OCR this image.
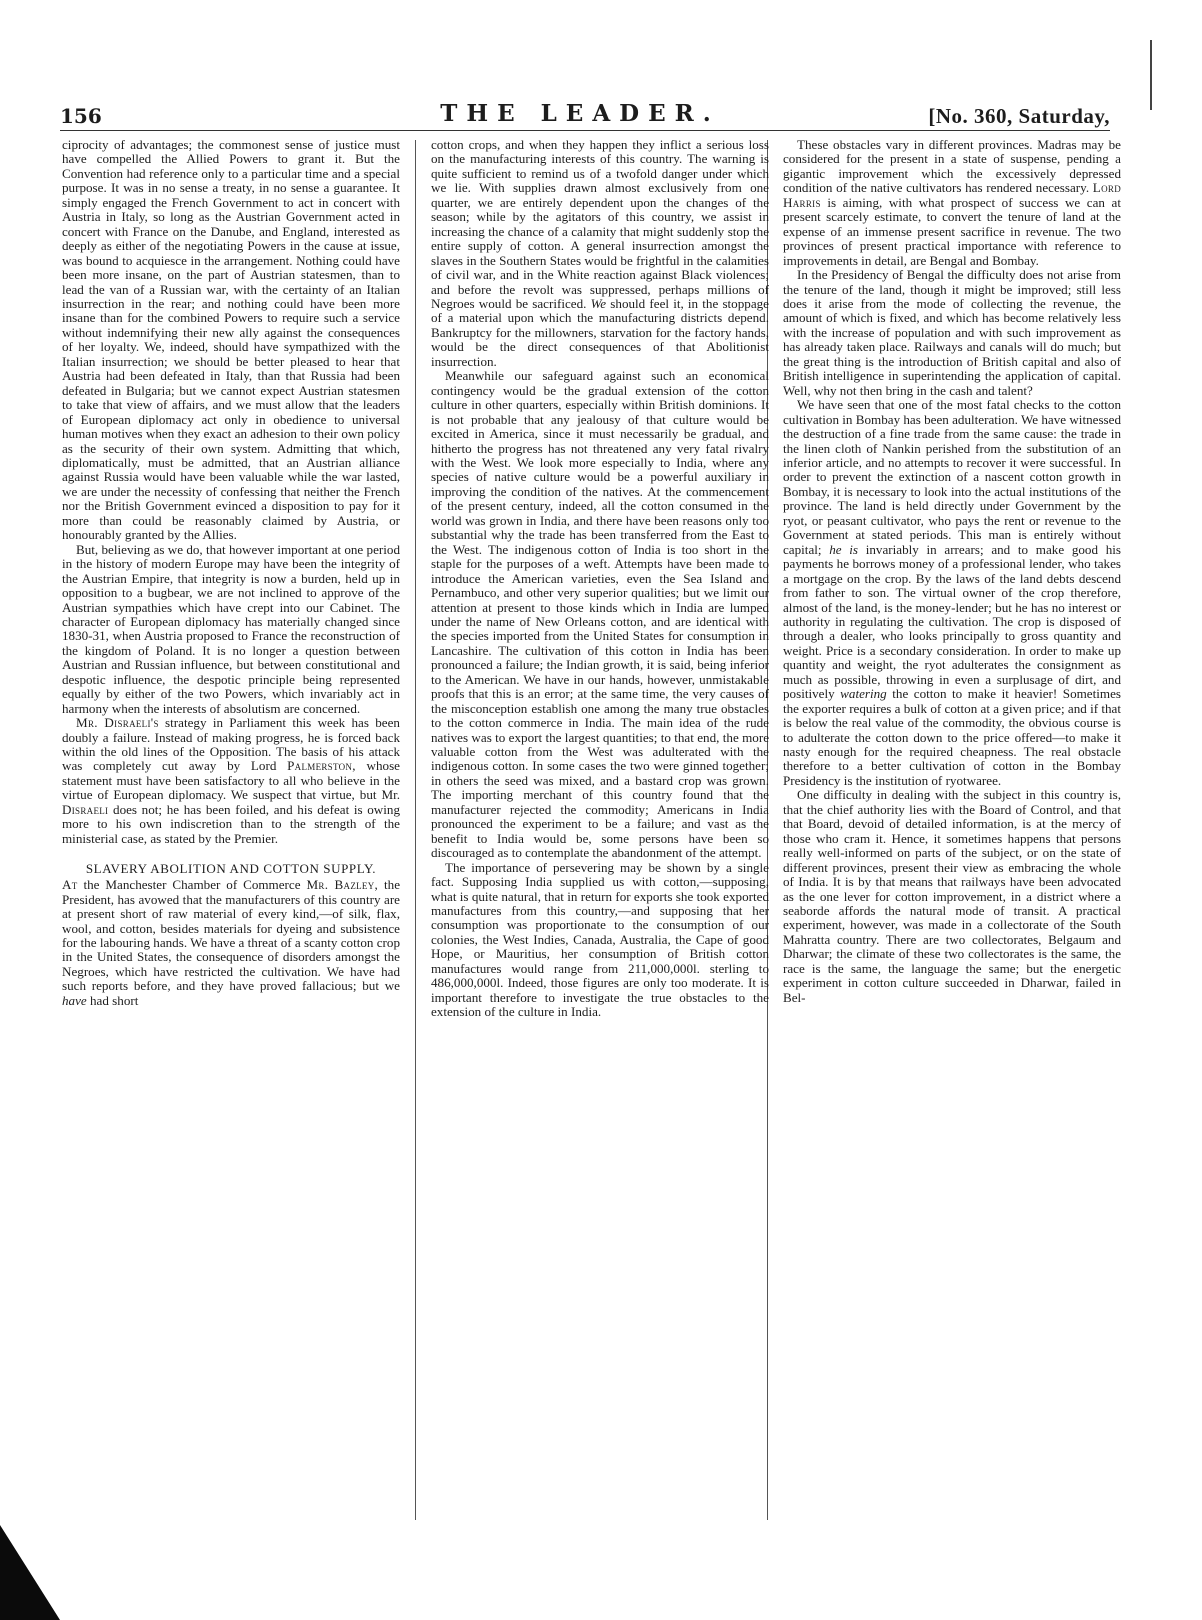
156	THE LEADER.	[No. 360, Saturday,

ciprocity of advantages; the commonest sense of justice must have compelled the Allied Powers to grant it. But the Convention had reference only to a particular time and a special purpose. It was in no sense a treaty, in no sense a guarantee. It simply engaged the French Government to act in concert with Austria in Italy, so long as the Austrian Government acted in concert with France on the Danube, and England, interested as deeply as either of the negotiating Powers in the cause at issue, was bound to acquiesce in the arrangement. Nothing could have been more insane, on the part of Austrian statesmen, than to lead the van of a Russian war, with the certainty of an Italian insurrection in the rear; and nothing could have been more insane than for the combined Powers to require such a service without indemnifying their new ally against the consequences of her loyalty. We, indeed, should have sympathized with the Italian insurrection; we should be better pleased to hear that Austria had been defeated in Italy, than that Russia had been defeated in Bulgaria; but we cannot expect Austrian statesmen to take that view of affairs, and we must allow that the leaders of European diplomacy act only in obedience to universal human motives when they exact an adhesion to their own policy as the security of their own system. Admitting that which, diplomatically, must be admitted, that an Austrian alliance against Russia would have been valuable while the war lasted, we are under the necessity of confessing that neither the French nor the British Government evinced a disposition to pay for it more than could be reasonably claimed by Austria, or honourably granted by the Allies.

But, believing as we do, that however important at one period in the history of modern Europe may have been the integrity of the Austrian Empire, that integrity is now a burden, held up in opposition to a bugbear, we are not inclined to approve of the Austrian sympathies which have crept into our Cabinet. The character of European diplomacy has materially changed since 1830-31, when Austria proposed to France the reconstruction of the kingdom of Poland. It is no longer a question between Austrian and Russian influence, but between constitutional and despotic influence, the despotic principle being represented equally by either of the two Powers, which invariably act in harmony when the interests of absolutism are concerned.

Mr. Disraeli's strategy in Parliament this week has been doubly a failure. Instead of making progress, he is forced back within the old lines of the Opposition. The basis of his attack was completely cut away by Lord Palmerston, whose statement must have been satisfactory to all who believe in the virtue of European diplomacy. We suspect that virtue, but Mr. Disraeli does not; he has been foiled, and his defeat is owing more to his own indiscretion than to the strength of the ministerial case, as stated by the Premier.

SLAVERY ABOLITION AND COTTON SUPPLY.

At the Manchester Chamber of Commerce Mr. Bazley, the President, has avowed that the manufacturers of this country are at present short of raw material of every kind,—of silk, flax, wool, and cotton, besides materials for dyeing and subsistence for the labouring hands. We have a threat of a scanty cotton crop in the United States, the consequence of disorders amongst the Negroes, which have restricted the cultivation. We have had such reports before, and they have proved fallacious; but we have had short

cotton crops, and when they happen they inflict a serious loss on the manufacturing interests of this country. The warning is quite sufficient to remind us of a twofold danger under which we lie. With supplies drawn almost exclusively from one quarter, we are entirely dependent upon the changes of the season; while by the agitators of this country, we assist in increasing the chance of a calamity that might suddenly stop the entire supply of cotton. A general insurrection amongst the slaves in the Southern States would be frightful in the calamities of civil war, and in the White reaction against Black violences; and before the revolt was suppressed, perhaps millions of Negroes would be sacrificed. We should feel it, in the stoppage of a material upon which the manufacturing districts depend. Bankruptcy for the millowners, starvation for the factory hands, would be the direct consequences of that Abolitionist insurrection.

Meanwhile our safeguard against such an economical contingency would be the gradual extension of the cotton culture in other quarters, especially within British dominions. It is not probable that any jealousy of that culture would be excited in America, since it must necessarily be gradual, and hitherto the progress has not threatened any very fatal rivalry with the West. We look more especially to India, where any species of native culture would be a powerful auxiliary in improving the condition of the natives. At the commencement of the present century, indeed, all the cotton consumed in the world was grown in India, and there have been reasons only too substantial why the trade has been transferred from the East to the West. The indigenous cotton of India is too short in the staple for the purposes of a weft. Attempts have been made to introduce the American varieties, even the Sea Island and Pernambuco, and other very superior qualities; but we limit our attention at present to those kinds which in India are lumped under the name of New Orleans cotton, and are identical with the species imported from the United States for consumption in Lancashire. The cultivation of this cotton in India has been pronounced a failure; the Indian growth, it is said, being inferior to the American. We have in our hands, however, unmistakable proofs that this is an error; at the same time, the very causes of the misconception establish one among the many true obstacles to the cotton commerce in India. The main idea of the rude natives was to export the largest quantities; to that end, the more valuable cotton from the West was adulterated with the indigenous cotton. In some cases the two were ginned together; in others the seed was mixed, and a bastard crop was grown. The importing merchant of this country found that the manufacturer rejected the commodity; Americans in India pronounced the experiment to be a failure; and vast as the benefit to India would be, some persons have been so discouraged as to contemplate the abandonment of the attempt.

The importance of persevering may be shown by a single fact. Supposing India supplied us with cotton,—supposing, what is quite natural, that in return for exports she took exported manufactures from this country,—and supposing that her consumption was proportionate to the consumption of our colonies, the West Indies, Canada, Australia, the Cape of good Hope, or Mauritius, her consumption of British cotton manufactures would range from 211,000,000l. sterling to 486,000,000l. Indeed, those figures are only too moderate. It is important therefore to investigate the true obstacles to the extension of the culture in India.

These obstacles vary in different provinces. Madras may be considered for the present in a state of suspense, pending a gigantic improvement which the excessively depressed condition of the native cultivators has rendered necessary. Lord Harris is aiming, with what prospect of success we can at present scarcely estimate, to convert the tenure of land at the expense of an immense present sacrifice in revenue. The two provinces of present practical importance with reference to improvements in detail, are Bengal and Bombay.

In the Presidency of Bengal the difficulty does not arise from the tenure of the land, though it might be improved; still less does it arise from the mode of collecting the revenue, the amount of which is fixed, and which has become relatively less with the increase of population and with such improvement as has already taken place. Railways and canals will do much; but the great thing is the introduction of British capital and also of British intelligence in superintending the application of capital. Well, why not then bring in the cash and talent?

We have seen that one of the most fatal checks to the cotton cultivation in Bombay has been adulteration. We have witnessed the destruction of a fine trade from the same cause: the trade in the linen cloth of Nankin perished from the substitution of an inferior article, and no attempts to recover it were successful. In order to prevent the extinction of a nascent cotton growth in Bombay, it is necessary to look into the actual institutions of the province. The land is held directly under Government by the ryot, or peasant cultivator, who pays the rent or revenue to the Government at stated periods. This man is entirely without capital; he is invariably in arrears; and to make good his payments he borrows money of a professional lender, who takes a mortgage on the crop. By the laws of the land debts descend from father to son. The virtual owner of the crop therefore, almost of the land, is the money-lender; but he has no interest or authority in regulating the cultivation. The crop is disposed of through a dealer, who looks principally to gross quantity and weight. Price is a secondary consideration. In order to make up quantity and weight, the ryot adulterates the consignment as much as possible, throwing in even a surplusage of dirt, and positively watering the cotton to make it heavier! Sometimes the exporter requires a bulk of cotton at a given price; and if that is below the real value of the commodity, the obvious course is to adulterate the cotton down to the price offered—to make it nasty enough for the required cheapness. The real obstacle therefore to a better cultivation of cotton in the Bombay Presidency is the institution of ryotwaree.

One difficulty in dealing with the subject in this country is, that the chief authority lies with the Board of Control, and that that Board, devoid of detailed information, is at the mercy of those who cram it. Hence, it sometimes happens that persons really well-informed on parts of the subject, or on the state of different provinces, present their view as embracing the whole of India. It is by that means that railways have been advocated as the one lever for cotton improvement, in a district where a seaborde affords the natural mode of transit. A practical experiment, however, was made in a collectorate of the South Mahratta country. There are two collectorates, Belgaum and Dharwar; the climate of these two collectorates is the same, the race is the same, the language the same; but the energetic experiment in cotton culture succeeded in Dharwar, failed in Bel-
